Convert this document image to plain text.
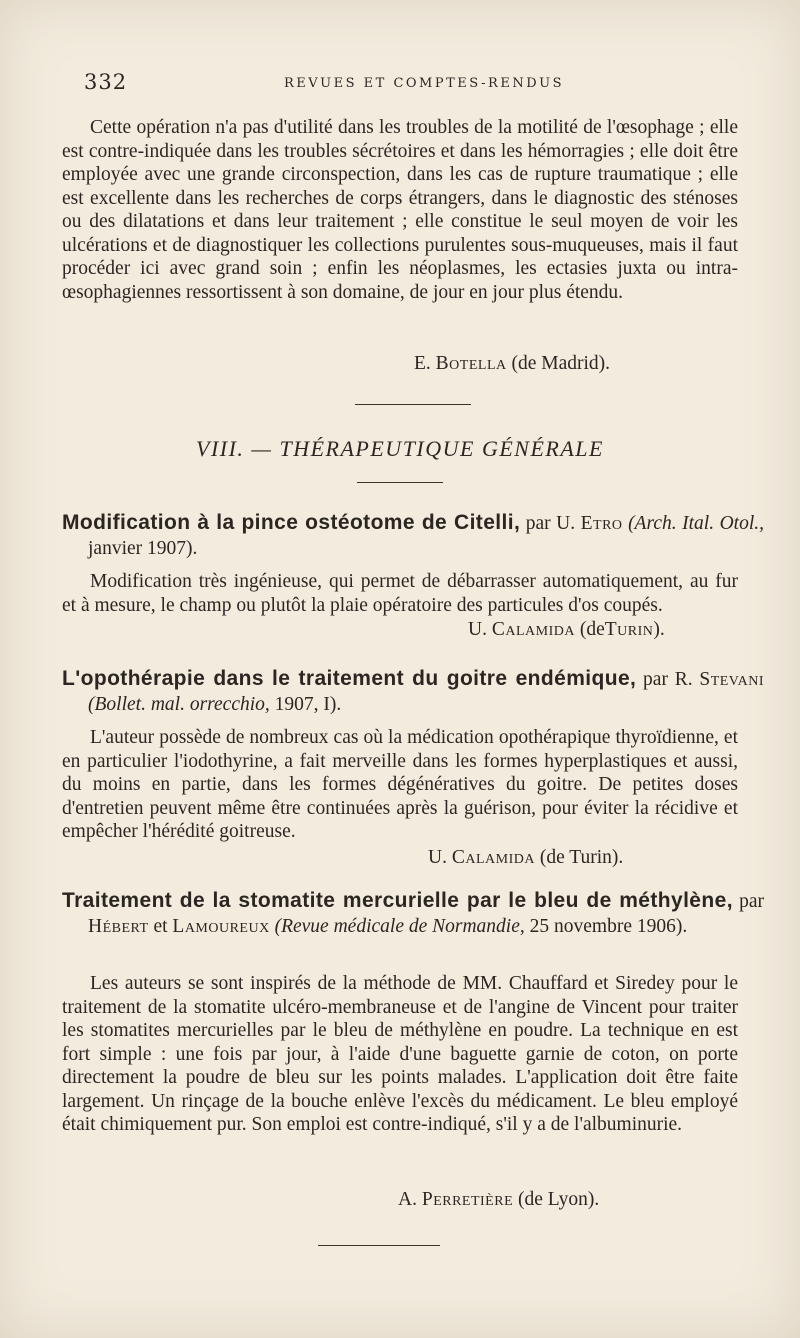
332	REVUES ET COMPTES-RENDUS

Cette opération n'a pas d'utilité dans les troubles de la motilité de l'œsophage ; elle est contre-indiquée dans les troubles sécrétoires et dans les hémorragies ; elle doit être employée avec une grande circonspection, dans les cas de rupture traumatique ; elle est excellente dans les recherches de corps étrangers, dans le diagnostic des sténoses ou des dilatations et dans leur traitement ; elle constitue le seul moyen de voir les ulcérations et de diagnostiquer les collections purulentes sous-muqueuses, mais il faut procéder ici avec grand soin ; enfin les néoplasmes, les ectasies juxta ou intra-œsophagiennes ressortissent à son domaine, de jour en jour plus étendu.

E. Botella (de Madrid).
VIII. — THÉRAPEUTIQUE GÉNÉRALE

Modification à la pince ostéotome de Citelli, par U. Etro (Arch. Ital. Otol., janvier 1907).

Modification très ingénieuse, qui permet de débarrasser automatiquement, au fur et à mesure, le champ ou plutôt la plaie opératoire des particules d'os coupés.

U. Calamida (deTurin).

L'opothérapie dans le traitement du goitre endémique, par R. Stevani (Bollet. mal. orrecchio, 1907, I).

L'auteur possède de nombreux cas où la médication opothérapique thyroïdienne, et en particulier l'iodothyrine, a fait merveille dans les formes hyperplastiques et aussi, du moins en partie, dans les formes dégénératives du goitre. De petites doses d'entretien peuvent même être continuées après la guérison, pour éviter la récidive et empêcher l'hérédité goitreuse.

U. Calamida (de Turin).

Traitement de la stomatite mercurielle par le bleu de méthylène, par Hébert et Lamoureux (Revue médicale de Normandie, 25 novembre 1906).

Les auteurs se sont inspirés de la méthode de MM. Chauffard et Siredey pour le traitement de la stomatite ulcéro-membraneuse et de l'angine de Vincent pour traiter les stomatites mercurielles par le bleu de méthylène en poudre. La technique en est fort simple : une fois par jour, à l'aide d'une baguette garnie de coton, on porte directement la poudre de bleu sur les points malades. L'application doit être faite largement. Un rinçage de la bouche enlève l'excès du médicament. Le bleu employé était chimiquement pur. Son emploi est contre-indiqué, s'il y a de l'albuminurie.

A. Perretière (de Lyon).
